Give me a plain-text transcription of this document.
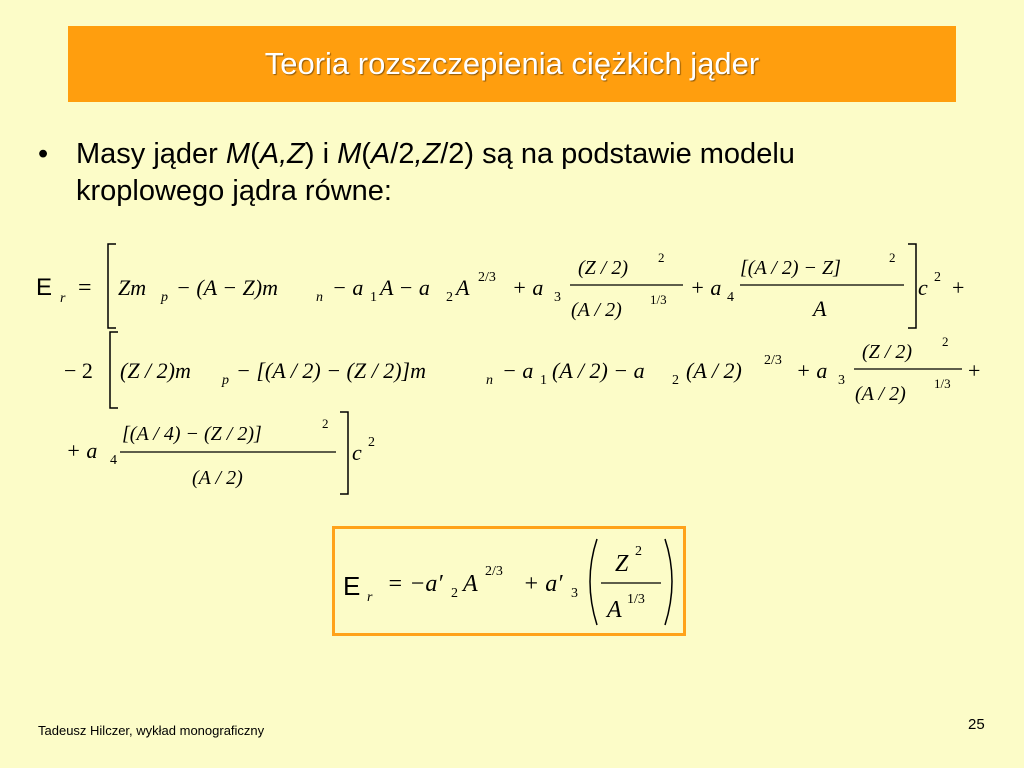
Teoria rozszczepienia ciężkich jąder
• Masy jąder M(A,Z) i M(A/2,Z/2) są na podstawie modelu
kroplowego jądra równe:
E r = Zm p − (A − Z)m	n − a 1 A − a 2 A 2/3 + a 3
(Z / 2) 2
(A / 2) 1/3 + a 4
[(A / 2) − Z]	2
A
c 2 +
− 2 (Z / 2)m p − [(A / 2) − (Z / 2)]m	n − a 1 (A / 2) − a 2 (A / 2) 2/3 + a 3
(Z / 2) 2
(A / 2) 1/3
+
+ a 4
[(A / 4) − (Z / 2)]	2
(A / 2)
c 2
E r
= −a′ 2 A 2/3 + a′ 3
Z 2
A 1/3
Tadeusz Hilczer, wykład monograficzny	25
